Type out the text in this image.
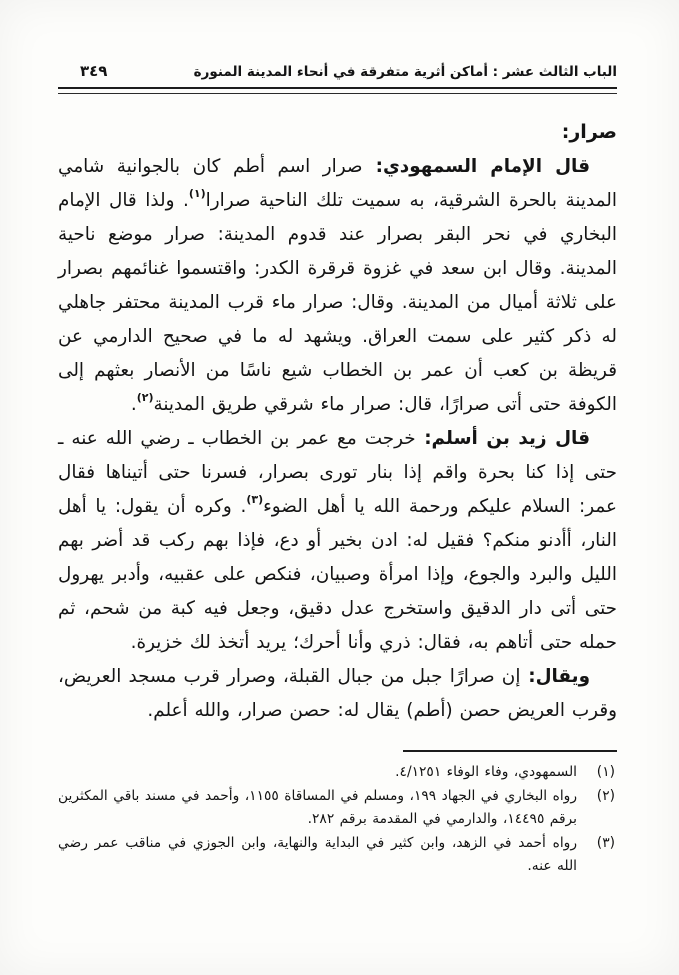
الباب الثالث عشر : أماكن أثرية متفرقة في أنحاء المدينة المنورة
٣٤٩
صرار:

قال الإمام السمهودي: صرار اسم أطم كان بالجوانية شامي المدينة بالحرة الشرقية، به سميت تلك الناحية صرارا$^{(١)}$. ولذا قال الإمام البخاري في نحر البقر بصرار عند قدوم المدينة: صرار موضع ناحية المدينة. وقال ابن سعد في غزوة قرقرة الكدر: واقتسموا غنائمهم بصرار على ثلاثة أميال من المدينة. وقال: صرار ماء قرب المدينة محتفر جاهلي له ذكر كثير على سمت العراق. ويشهد له ما في صحيح الدارمي عن قريظة بن كعب أن عمر بن الخطاب شيع ناسًا من الأنصار بعثهم إلى الكوفة حتى أتى صرارًا، قال: صرار ماء شرقي طريق المدينة$^{(٢)}$.

قال زيد بن أسلم: خرجت مع عمر بن الخطاب ـ رضي الله عنه ـ حتى إذا كنا بحرة واقم إذا بنار تورى بصرار، فسرنا حتى أتيناها فقال عمر: السلام عليكم ورحمة الله يا أهل الضوء$^{(٣)}$. وكره أن يقول: يا أهل النار، أأدنو منكم؟ فقيل له: ادن بخير أو دع، فإذا بهم ركب قد أضر بهم الليل والبرد والجوع، وإذا امرأة وصبيان، فنكص على عقبيه، وأدبر يهرول حتى أتى دار الدقيق واستخرج عدل دقيق، وجعل فيه كبة من شحم، ثم حمله حتى أتاهم به، فقال: ذري وأنا أحرك؛ يريد أتخذ لك خزيرة.

ويقال: إن صرارًا جبل من جبال القبلة، وصرار قرب مسجد العريض، وقرب العريض حصن (أطم) يقال له: حصن صرار، والله أعلم.

(١)
السمهودي، وفاء الوفاء ٤/١٢٥١.
(٢)
رواه البخاري في الجهاد ١٩٩، ومسلم في المساقاة ١١٥٥، وأحمد في مسند باقي المكثرين برقم ١٤٤٩٥، والدارمي في المقدمة برقم ٢٨٢.
(٣)
رواه أحمد في الزهد، وابن كثير في البداية والنهاية، وابن الجوزي في مناقب عمر رضي الله عنه.
